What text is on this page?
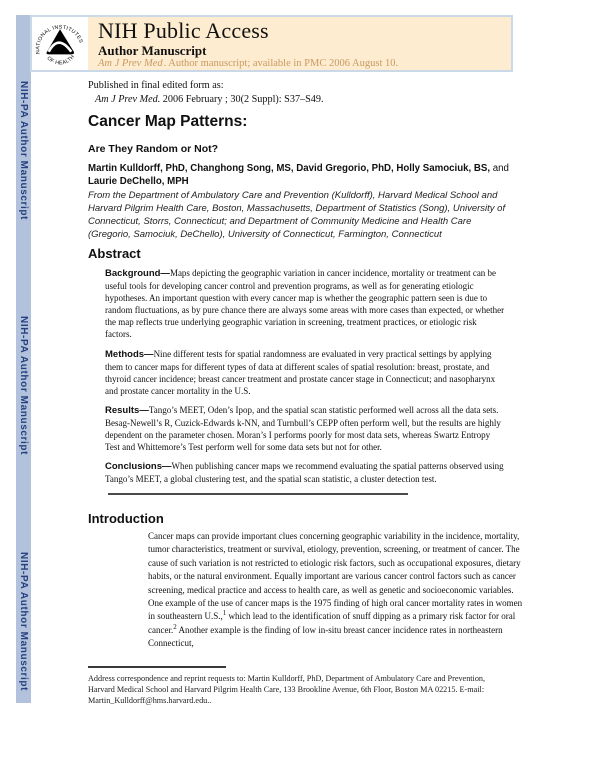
NIH-PA Author Manuscript
NIH-PA Author Manuscript
NIH-PA Author Manuscript
NATIONAL INSTITUTES
OF HEALTH
NIH Public Access
Author Manuscript
Am J Prev Med. Author manuscript; available in PMC 2006 August 10.
Published in final edited form as:
Am J Prev Med. 2006 February ; 30(2 Suppl): S37–S49.
Cancer Map Patterns:
Are They Random or Not?
Martin Kulldorff, PhD, Changhong Song, MS, David Gregorio, PhD, Holly Samociuk, BS, and Laurie DeChello, MPH
From the Department of Ambulatory Care and Prevention (Kulldorff), Harvard Medical School and Harvard Pilgrim Health Care, Boston, Massachusetts, Department of Statistics (Song), University of Connecticut, Storrs, Connecticut; and Department of Community Medicine and Health Care (Gregorio, Samociuk, DeChello), University of Connecticut, Farmington, Connecticut
Abstract

Background—Maps depicting the geographic variation in cancer incidence, mortality or treatment can be useful tools for developing cancer control and prevention programs, as well as for generating etiologic hypotheses. An important question with every cancer map is whether the geographic pattern seen is due to random fluctuations, as by pure chance there are always some areas with more cases than expected, or whether the map reflects true underlying geographic variation in screening, treatment practices, or etiologic risk factors.

Methods—Nine different tests for spatial randomness are evaluated in very practical settings by applying them to cancer maps for different types of data at different scales of spatial resolution: breast, prostate, and thyroid cancer incidence; breast cancer treatment and prostate cancer stage in Connecticut; and nasopharynx and prostate cancer mortality in the U.S.

Results—Tango’s MEET, Oden’s Ipop, and the spatial scan statistic performed well across all the data sets. Besag-Newell’s R, Cuzick-Edwards k-NN, and Turnbull’s CEPP often perform well, but the results are highly dependent on the parameter chosen. Moran’s I performs poorly for most data sets, whereas Swartz Entropy Test and Whittemore’s Test perform well for some data sets but not for other.

Conclusions—When publishing cancer maps we recommend evaluating the spatial patterns observed using Tango’s MEET, a global clustering test, and the spatial scan statistic, a cluster detection test.

Introduction
Cancer maps can provide important clues concerning geographic variability in the incidence, mortality, tumor characteristics, treatment or survival, etiology, prevention, screening, or treatment of cancer. The cause of such variation is not restricted to etiologic risk factors, such as occupational exposures, dietary habits, or the natural environment. Equally important are various cancer control factors such as cancer screening, medical practice and access to health care, as well as genetic and socioeconomic variables. One example of the use of cancer maps is the 1975 finding of high oral cancer mortality rates in women in southeastern U.S.,$^1$ which lead to the identification of snuff dipping as a primary risk factor for oral cancer.$^2$ Another example is the finding of low in-situ breast cancer incidence rates in northeastern Connecticut,
Address correspondence and reprint requests to: Martin Kulldorff, PhD, Department of Ambulatory Care and Prevention, Harvard Medical School and Harvard Pilgrim Health Care, 133 Brookline Avenue, 6th Floor, Boston MA 02215. E-mail: Martin_Kulldorff@hms.harvard.edu..
